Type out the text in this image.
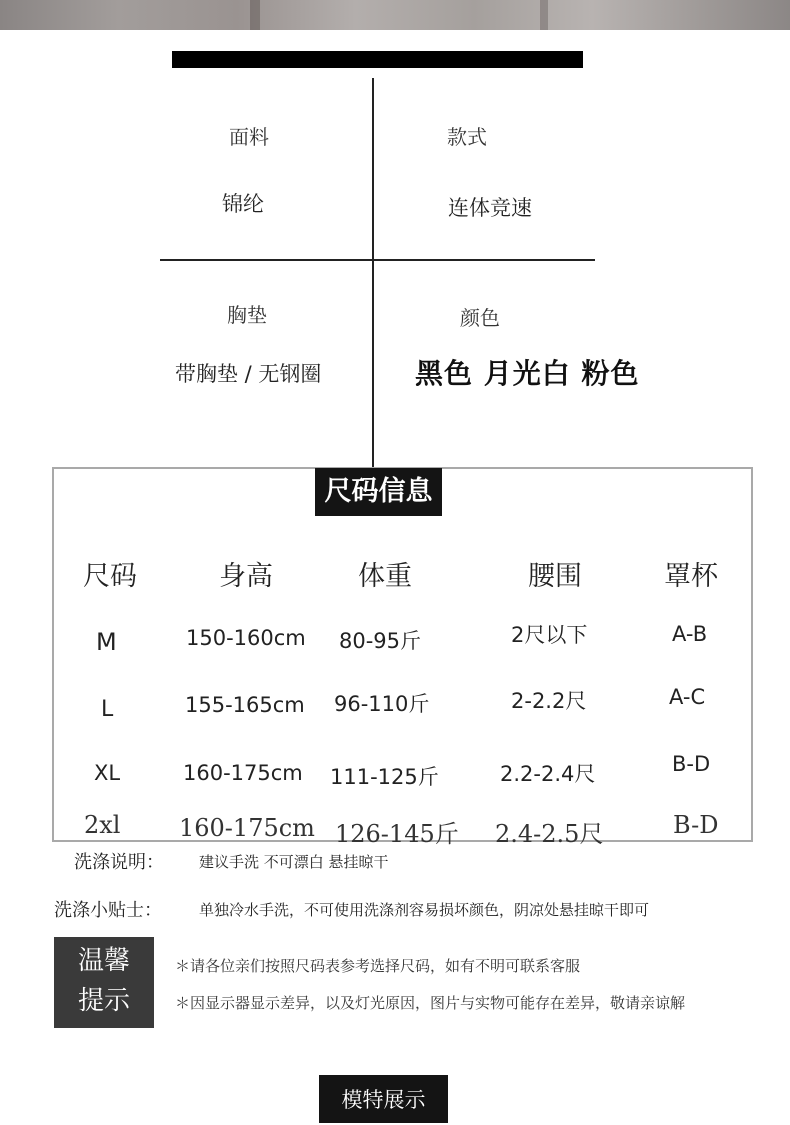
面料
锦纶
款式
连体竞速
胸垫
带胸垫 / 无钢圈
颜色
黑色 月光白 粉色
尺码信息
尺码	身高	体重	腰围	罩杯
M	150-160cm 80-95斤	2尺以下	A-B
L	155-165cm 96-110斤	2-2.2尺	A-C
XL	160-175cm 111-125斤	2.2-2.4尺	B-D
2xl 160-175cm 126-145斤 2.4-2.5尺	B-D
洗涤说明： 建议手洗 不可漂白 悬挂晾干
洗涤小贴士： 单独冷水手洗，不可使用洗涤剂容易损坏颜色，阴凉处悬挂晾干即可
温馨
提示
＊请各位亲们按照尺码表参考选择尺码，如有不明可联系客服
＊因显示器显示差异，以及灯光原因，图片与实物可能存在差异，敬请亲谅解
模特展示
